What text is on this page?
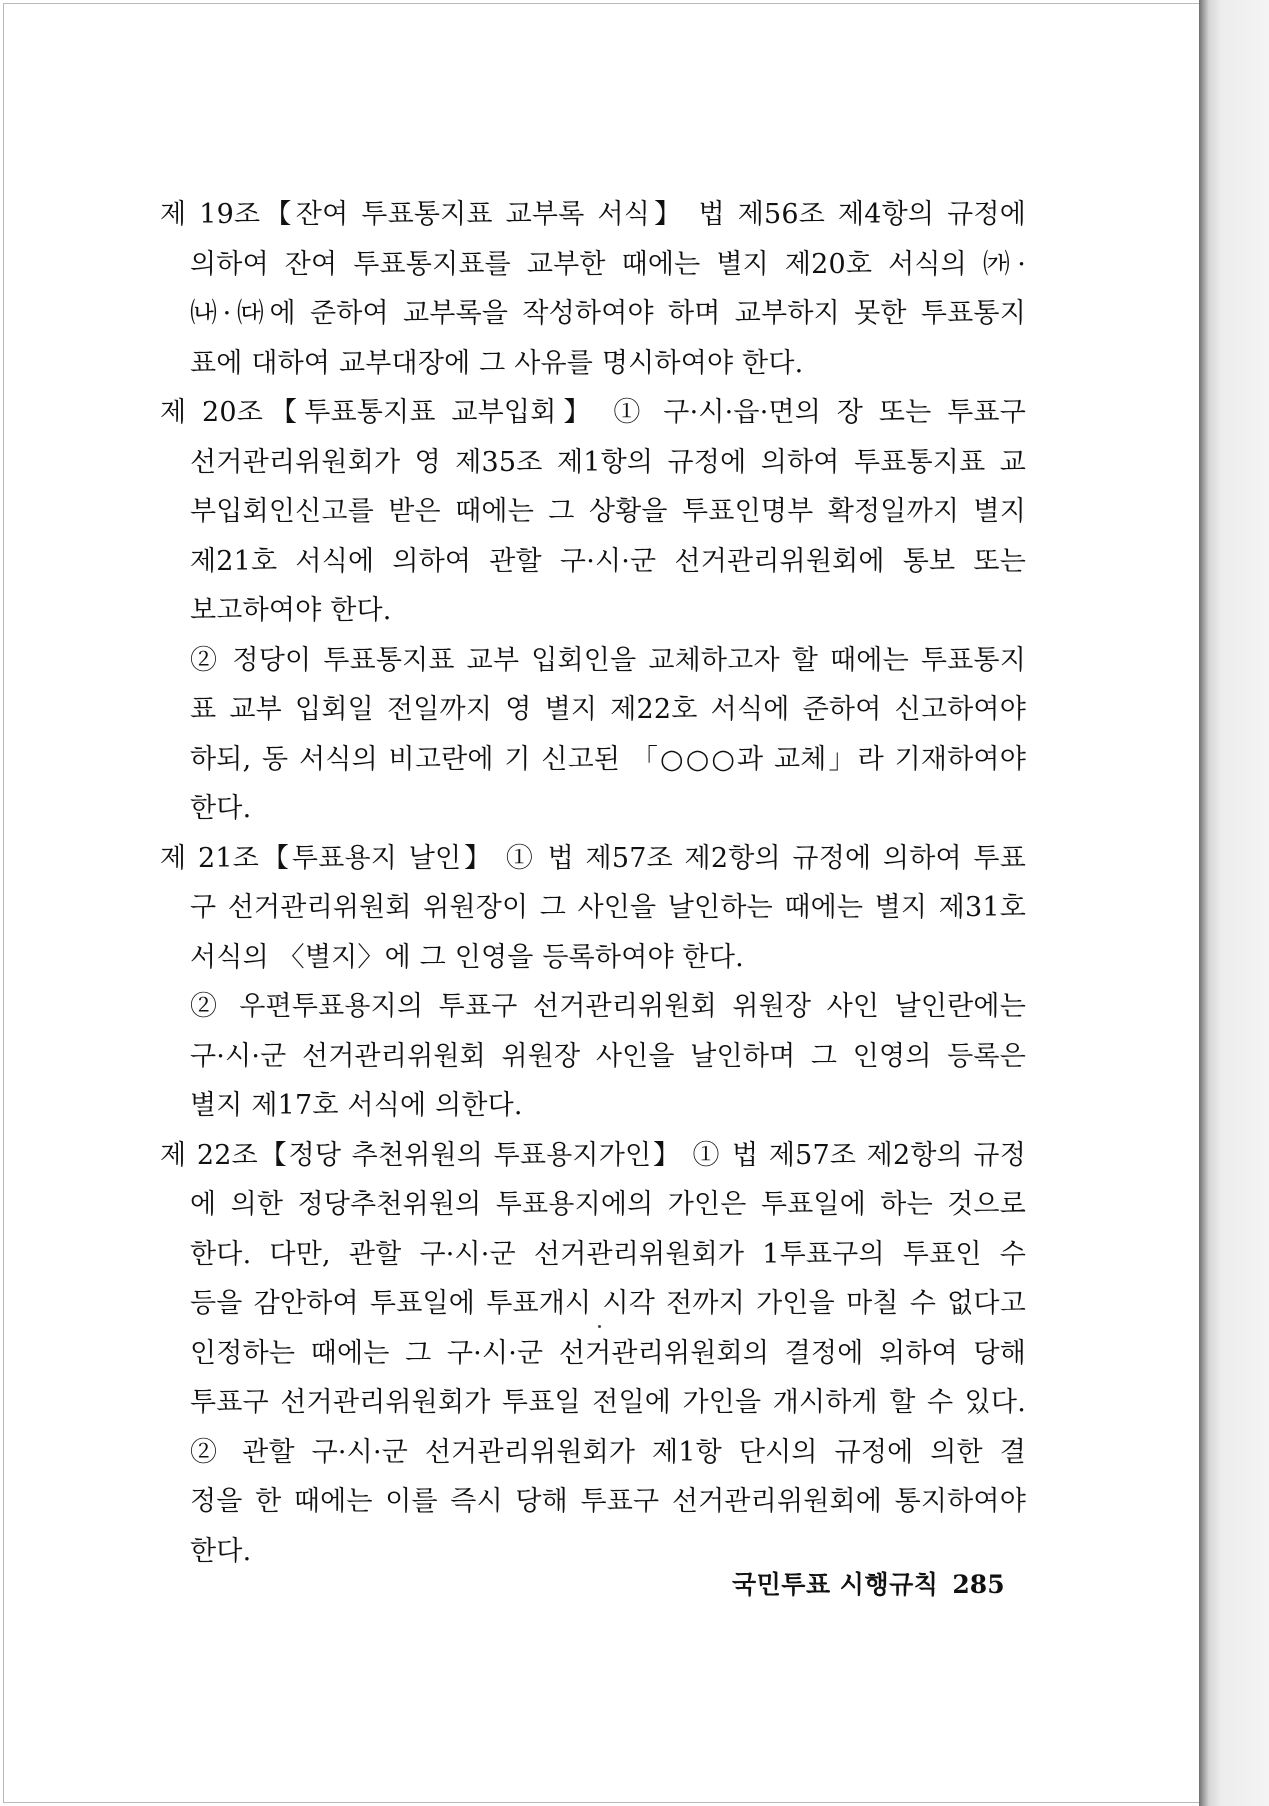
제 19조【잔여 투표통지표 교부록 서식】 법 제56조 제4항의 규정에
의하여 잔여 투표통지표를 교부한 때에는 별지 제20호 서식의 ㈎·
㈏·㈐에 준하여 교부록을 작성하여야 하며 교부하지 못한 투표통지
표에 대하여 교부대장에 그 사유를 명시하여야 한다.
제 20조【투표통지표 교부입회】 ① 구·시·읍·면의 장 또는 투표구
선거관리위원회가 영 제35조 제1항의 규정에 의하여 투표통지표 교
부입회인신고를 받은 때에는 그 상황을 투표인명부 확정일까지 별지
제21호 서식에 의하여 관할 구·시·군 선거관리위원회에 통보 또는
보고하여야 한다.
② 정당이 투표통지표 교부 입회인을 교체하고자 할 때에는 투표통지
표 교부 입회일 전일까지 영 별지 제22호 서식에 준하여 신고하여야
하되, 동 서식의 비고란에 기 신고된 「○○○과 교체」라 기재하여야
한다.
제 21조【투표용지 날인】 ① 법 제57조 제2항의 규정에 의하여 투표
구 선거관리위원회 위원장이 그 사인을 날인하는 때에는 별지 제31호
서식의 〈별지〉에 그 인영을 등록하여야 한다.
② 우편투표용지의 투표구 선거관리위원회 위원장 사인 날인란에는
구·시·군 선거관리위원회 위원장 사인을 날인하며 그 인영의 등록은
별지 제17호 서식에 의한다.
제 22조【정당 추천위원의 투표용지가인】 ① 법 제57조 제2항의 규정
에 의한 정당추천위원의 투표용지에의 가인은 투표일에 하는 것으로
한다. 다만, 관할 구·시·군 선거관리위원회가 1투표구의 투표인 수
등을 감안하여 투표일에 투표개시 시각 전까지 가인을 마칠 수 없다고
인정하는 때에는 그 구·시·군 선거관리위원회의 결정에 의하여 당해
투표구 선거관리위원회가 투표일 전일에 가인을 개시하게 할 수 있다.
② 관할 구·시·군 선거관리위원회가 제1항 단시의 규정에 의한 결
정을 한 때에는 이를 즉시 당해 투표구 선거관리위원회에 통지하여야
한다.
국민투표 시행규칙 285
